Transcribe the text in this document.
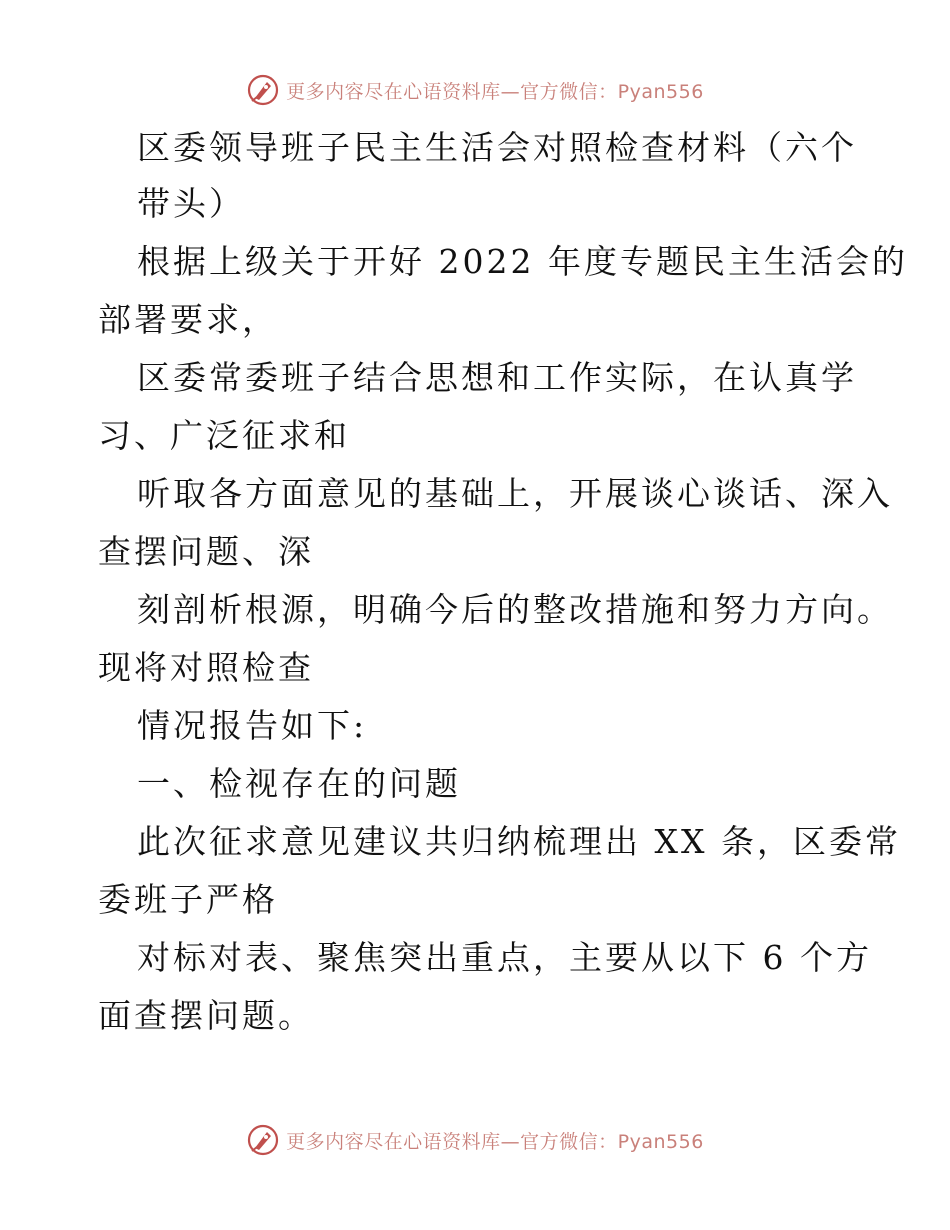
更多内容尽在心语资料库—官方微信：Pyan556
区委领导班子民主生活会对照检查材料（六个
带头）
根据上级关于开好 2022 年度专题民主生活会的
部署要求，
区委常委班子结合思想和工作实际，在认真学
习、广泛征求和
听取各方面意见的基础上，开展谈心谈话、深入
查摆问题、深
刻剖析根源，明确今后的整改措施和努力方向。
现将对照检查
情况报告如下:
一、检视存在的问题
此次征求意见建议共归纳梳理出 XX 条，区委常
委班子严格
对标对表、聚焦突出重点，主要从以下 6 个方
面查摆问题。
更多内容尽在心语资料库—官方微信：Pyan556
